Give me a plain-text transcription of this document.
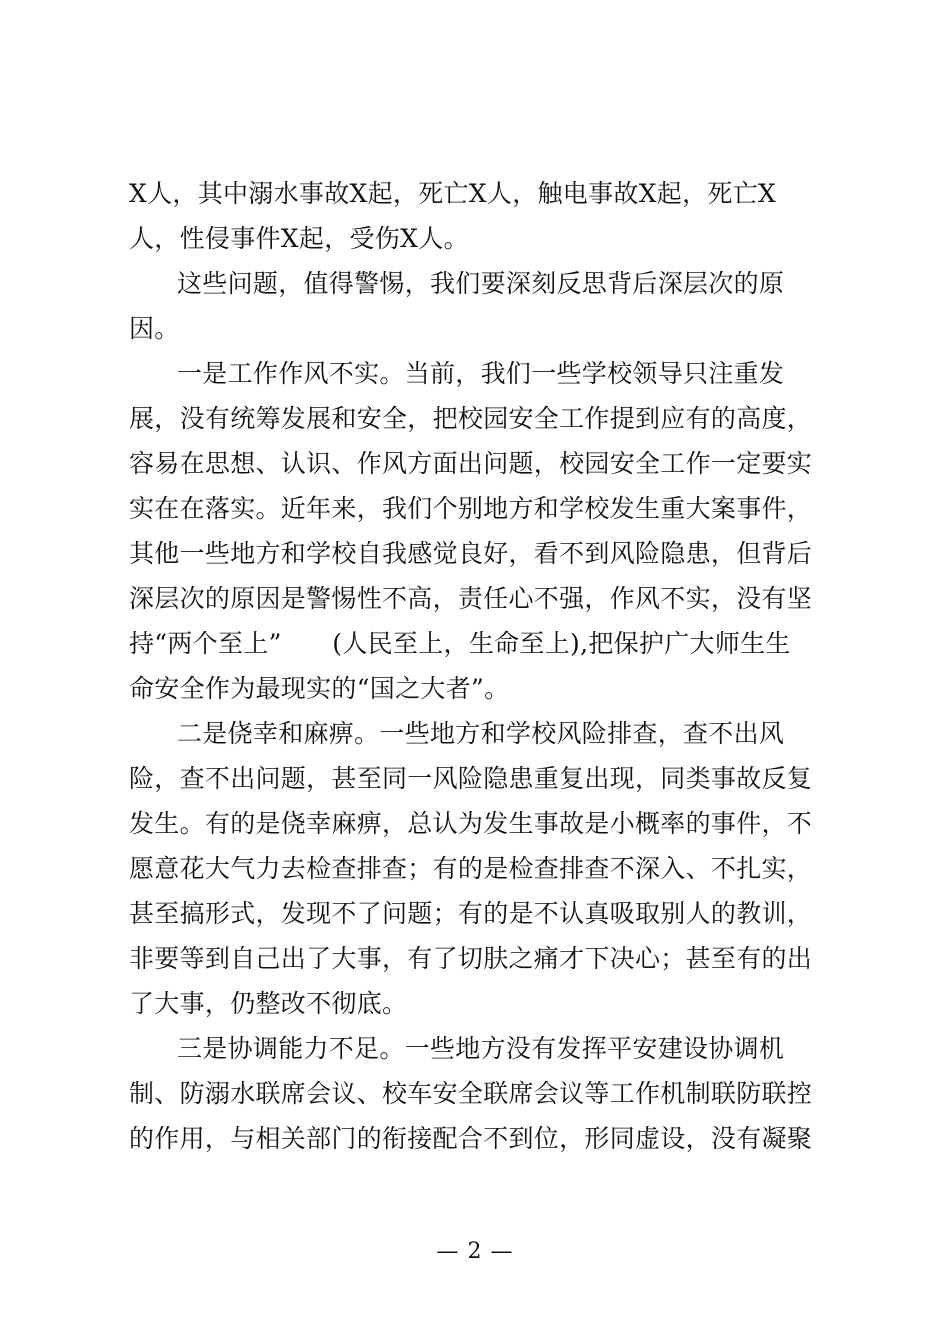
X人，其中溺水事故X起，死亡X人，触电事故X起，死亡X
人，性侵事件X起，受伤X人。
这些问题，值得警惕，我们要深刻反思背后深层次的原
因。
一是工作作风不实。当前，我们一些学校领导只注重发
展，没有统筹发展和安全，把校园安全工作提到应有的高度，
容易在思想、认识、作风方面出问题，校园安全工作一定要实
实在在落实。近年来，我们个别地方和学校发生重大案事件，
其他一些地方和学校自我感觉良好，看不到风险隐患，但背后
深层次的原因是警惕性不高，责任心不强，作风不实，没有坚
持“两个至上”　　(人民至上，生命至上),把保护广大师生生
命安全作为最现实的“国之大者”。
二是侥幸和麻痹。一些地方和学校风险排查，查不出风
险，查不出问题，甚至同一风险隐患重复出现，同类事故反复
发生。有的是侥幸麻痹，总认为发生事故是小概率的事件，不
愿意花大气力去检查排查；有的是检查排查不深入、不扎实，
甚至搞形式，发现不了问题；有的是不认真吸取别人的教训，
非要等到自己出了大事，有了切肤之痛才下决心；甚至有的出
了大事，仍整改不彻底。
三是协调能力不足。一些地方没有发挥平安建设协调机
制、防溺水联席会议、校车安全联席会议等工作机制联防联控
的作用，与相关部门的衔接配合不到位，形同虚设，没有凝聚
— 2 —
